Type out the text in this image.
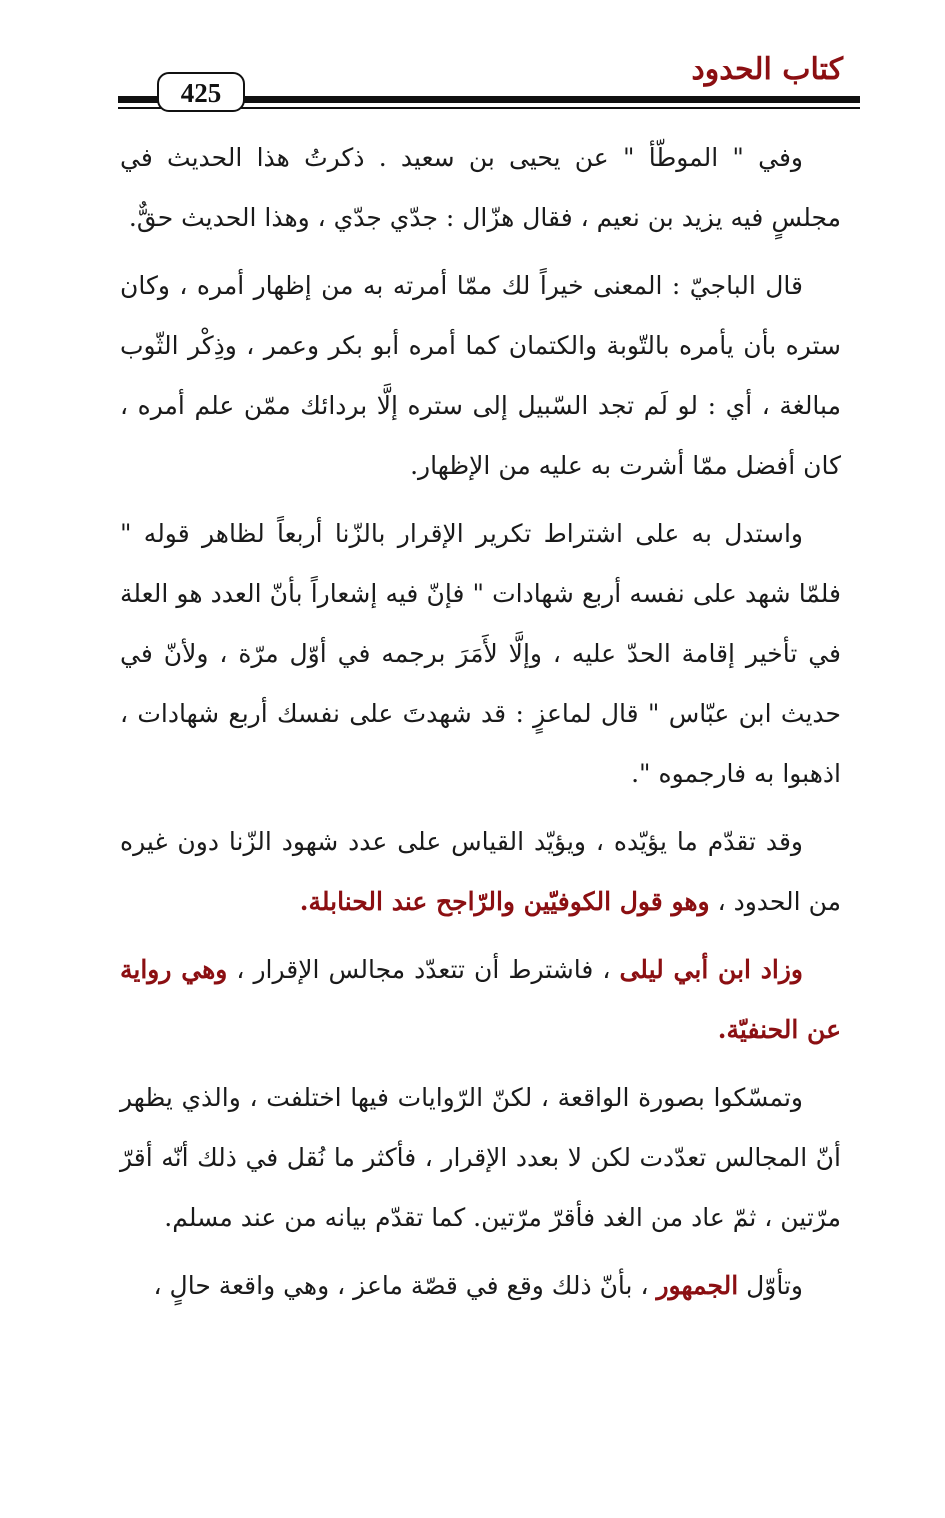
كتاب الحدود
425

وفي " الموطّأ " عن يحيى بن سعيد . ذكرتُ هذا الحديث في مجلسٍ فيه يزيد بن نعيم ، فقال هزّال : جدّي جدّي ، وهذا الحديث حقٌّ.

قال الباجيّ : المعنى خيراً لك ممّا أمرته به من إظهار أمره ، وكان ستره بأن يأمره بالتّوبة والكتمان كما أمره أبو بكر وعمر ، وذِكْر الثّوب مبالغة ، أي : لو لَم تجد السّبيل إلى ستره إلَّا بردائك ممّن علم أمره ، كان أفضل ممّا أشرت به عليه من الإظهار.

واستدل به على اشتراط تكرير الإقرار بالزّنا أربعاً لظاهر قوله " فلمّا شهد على نفسه أربع شهادات " فإنّ فيه إشعاراً بأنّ العدد هو العلة في تأخير إقامة الحدّ عليه ، وإلَّا لأَمَرَ برجمه في أوّل مرّة ، ولأنّ في حديث ابن عبّاس " قال لماعزٍ : قد شهدتَ على نفسك أربع شهادات ، اذهبوا به فارجموه ".

وقد تقدّم ما يؤيّده ، ويؤيّد القياس على عدد شهود الزّنا دون غيره من الحدود ، وهو قول الكوفيّين والرّاجح عند الحنابلة.

وزاد ابن أبي ليلى ، فاشترط أن تتعدّد مجالس الإقرار ، وهي رواية عن الحنفيّة.

وتمسّكوا بصورة الواقعة ، لكنّ الرّوايات فيها اختلفت ، والذي يظهر أنّ المجالس تعدّدت لكن لا بعدد الإقرار ، فأكثر ما نُقل في ذلك أنّه أقرّ مرّتين ، ثمّ عاد من الغد فأقرّ مرّتين. كما تقدّم بيانه من عند مسلم.

وتأوّل الجمهور ، بأنّ ذلك وقع في قصّة ماعز ، وهي واقعة حالٍ ،
